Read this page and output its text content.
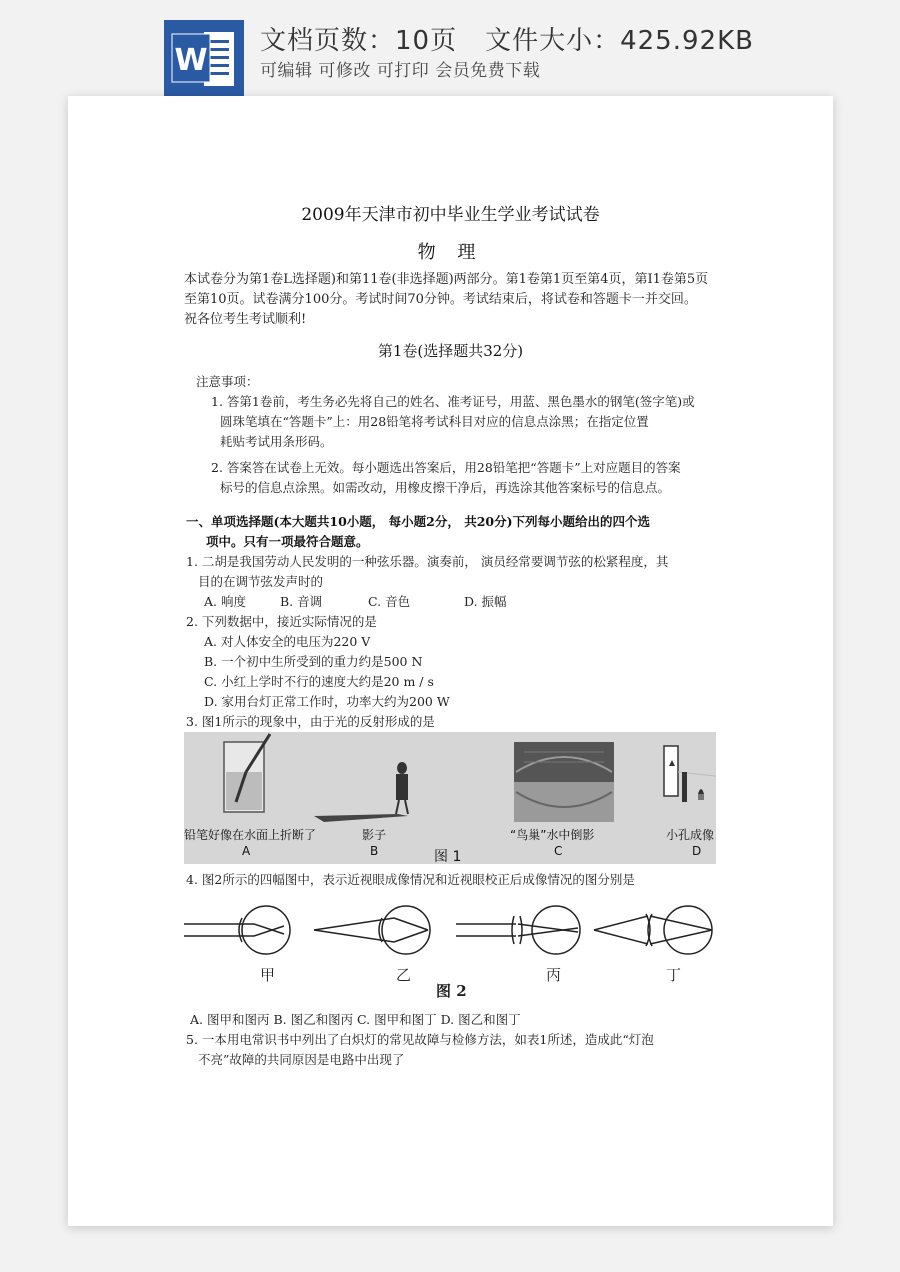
W
文档页数：10页 文件大小：425.92KB
可编辑 可修改 可打印 会员免费下载
2009年天津市初中毕业生学业考试试卷
物 理
本试卷分为第1卷L选择题)和第11卷(非选择题)两部分。第1卷第1页至第4页，第I1卷第5页
至第10页。试卷满分100分。考试时间70分钟。考试结束后，将试卷和答题卡一并交回。
祝各位考生考试顺利!
第1卷(选择题共32分)
注意事项：
1. 答第1卷前，考生务必先将自己的姓名、准考证号，用蓝、黑色墨水的钢笔(签字笔)或
圆珠笔填在“答题卡”上：用28铅笔将考试科目对应的信息点涂黑；在指定位置
耗贴考试用条形码。
2. 答案答在试卷上无效。每小题选出答案后，用28铅笔把“答题卡”上对应题目的答案
标号的信息点涂黑。如需改动，用橡皮擦干净后，再选涂其他答案标号的信息点。
一、单项选择题(本大题共10小题， 每小题2分， 共20分)下列每小题给出的四个选
项中。只有一项最符合题意。
1. 二胡是我国劳动人民发明的一种弦乐器。演奏前， 演员经常要调节弦的松紧程度，其
目的在调节弦发声时的
A. 响度	B. 音调	C. 音色	D. 振幅
2. 下列数据中，接近实际情况的是
A. 对人体安全的电压为220 V
B. 一个初中生所受到的重力约是500 N
C. 小红上学时不行的速度大约是20 m / s
D. 家用台灯正常工作时，功率大约为200 W
3. 图1所示的现象中，由于光的反射形成的是
铅笔好像在水面上折断了	影子	“鸟巢”水中倒影	小孔成像
A	B	图 1	C	D
4. 图2所示的四幅图中，表示近视眼成像情况和近视眼校正后成像情况的图分别是
甲	乙	丙	丁
图 2
A. 图甲和图丙 B. 图乙和图丙 C. 图甲和图丁 D. 图乙和图丁
5. 一本用电常识书中列出了白炽灯的常见故障与检修方法，如表1所述，造成此“灯泡
不亮”故障的共同原因是电路中出现了
